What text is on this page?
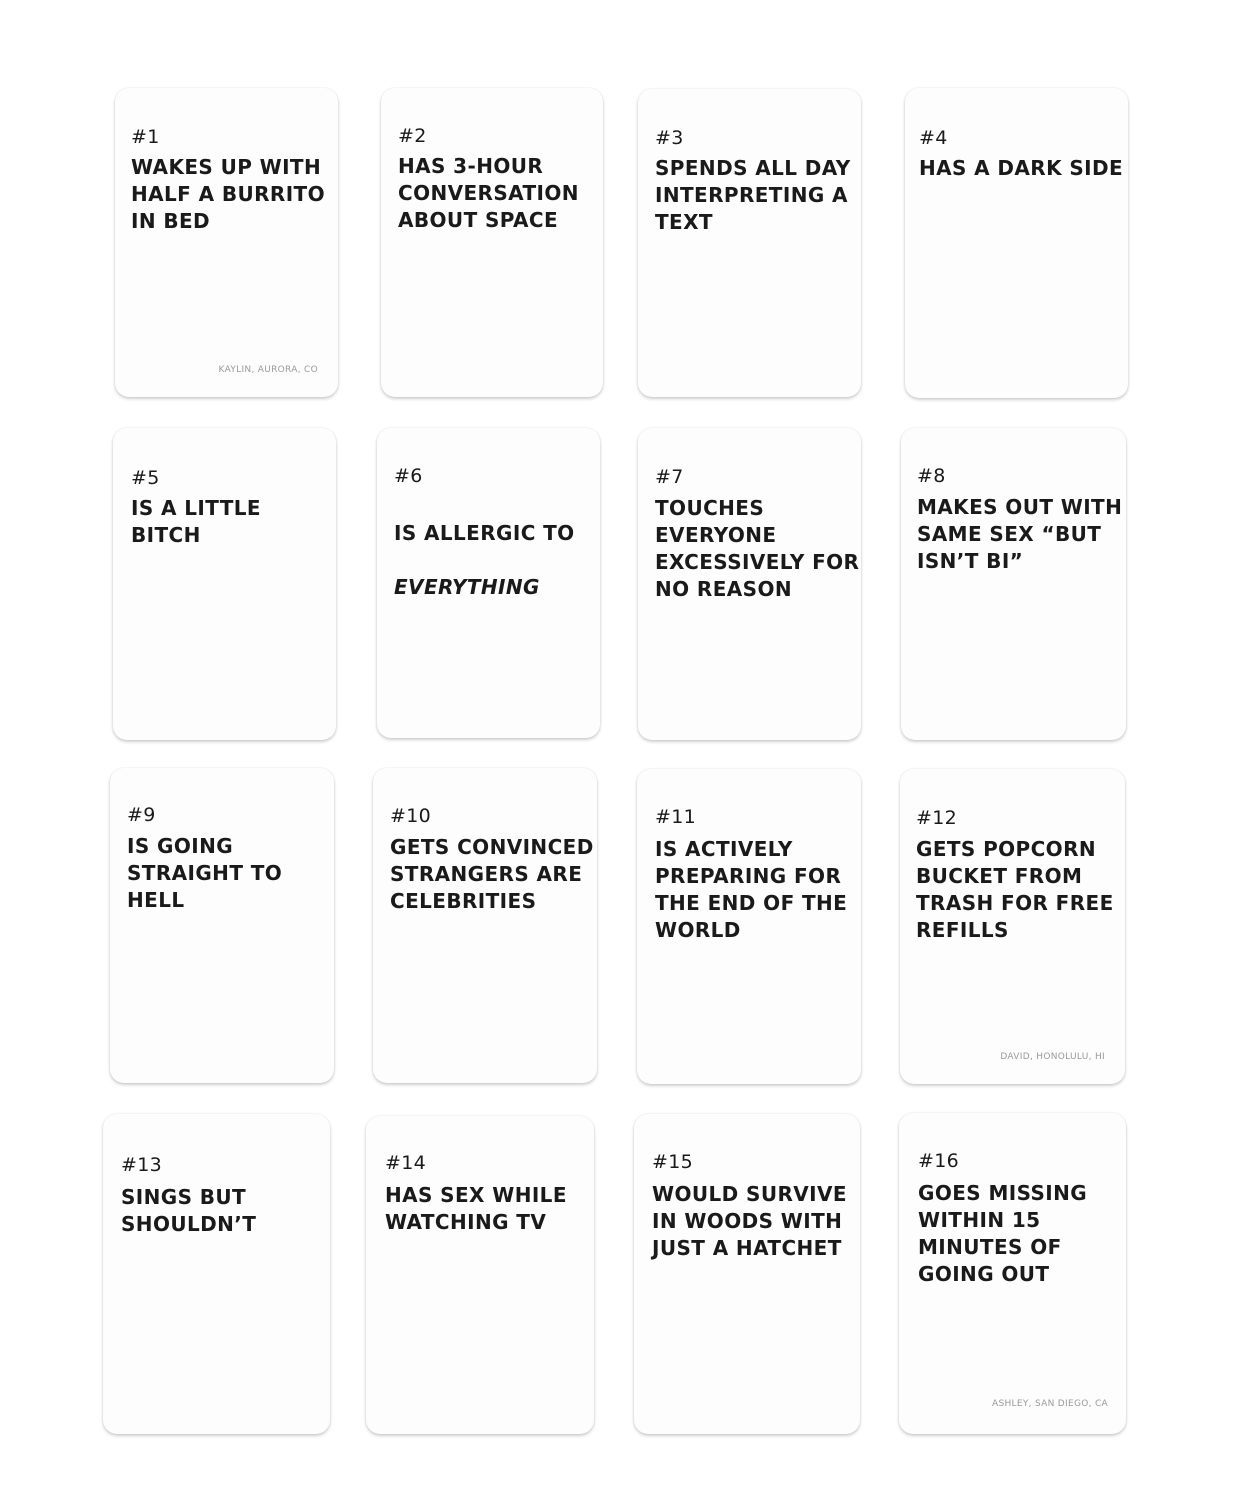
#1
WAKES UP WITH
HALF A BURRITO
IN BED
KAYLIN, AURORA, CO
#2
HAS 3-HOUR
CONVERSATION
ABOUT SPACE
#3
SPENDS ALL DAY
INTERPRETING A
TEXT
#4
HAS A DARK SIDE
#5
IS A LITTLE BITCH
#6

IS ALLERGIC TO

EVERYTHING

#7
TOUCHES
EVERYONE
EXCESSIVELY FOR
NO REASON
#8
MAKES OUT WITH
SAME SEX “BUT
ISN’T BI”
#9
IS GOING
STRAIGHT TO
HELL
#10
GETS CONVINCED
STRANGERS ARE
CELEBRITIES
#11
IS ACTIVELY
PREPARING FOR
THE END OF THE
WORLD
#12
GETS POPCORN
BUCKET FROM
TRASH FOR FREE
REFILLS
DAVID, HONOLULU, HI
#13
SINGS BUT
SHOULDN’T
#14
HAS SEX WHILE
WATCHING TV
#15
WOULD SURVIVE
IN WOODS WITH
JUST A HATCHET
#16
GOES MISSING
WITHIN 15
MINUTES OF
GOING OUT
ASHLEY, SAN DIEGO, CA
